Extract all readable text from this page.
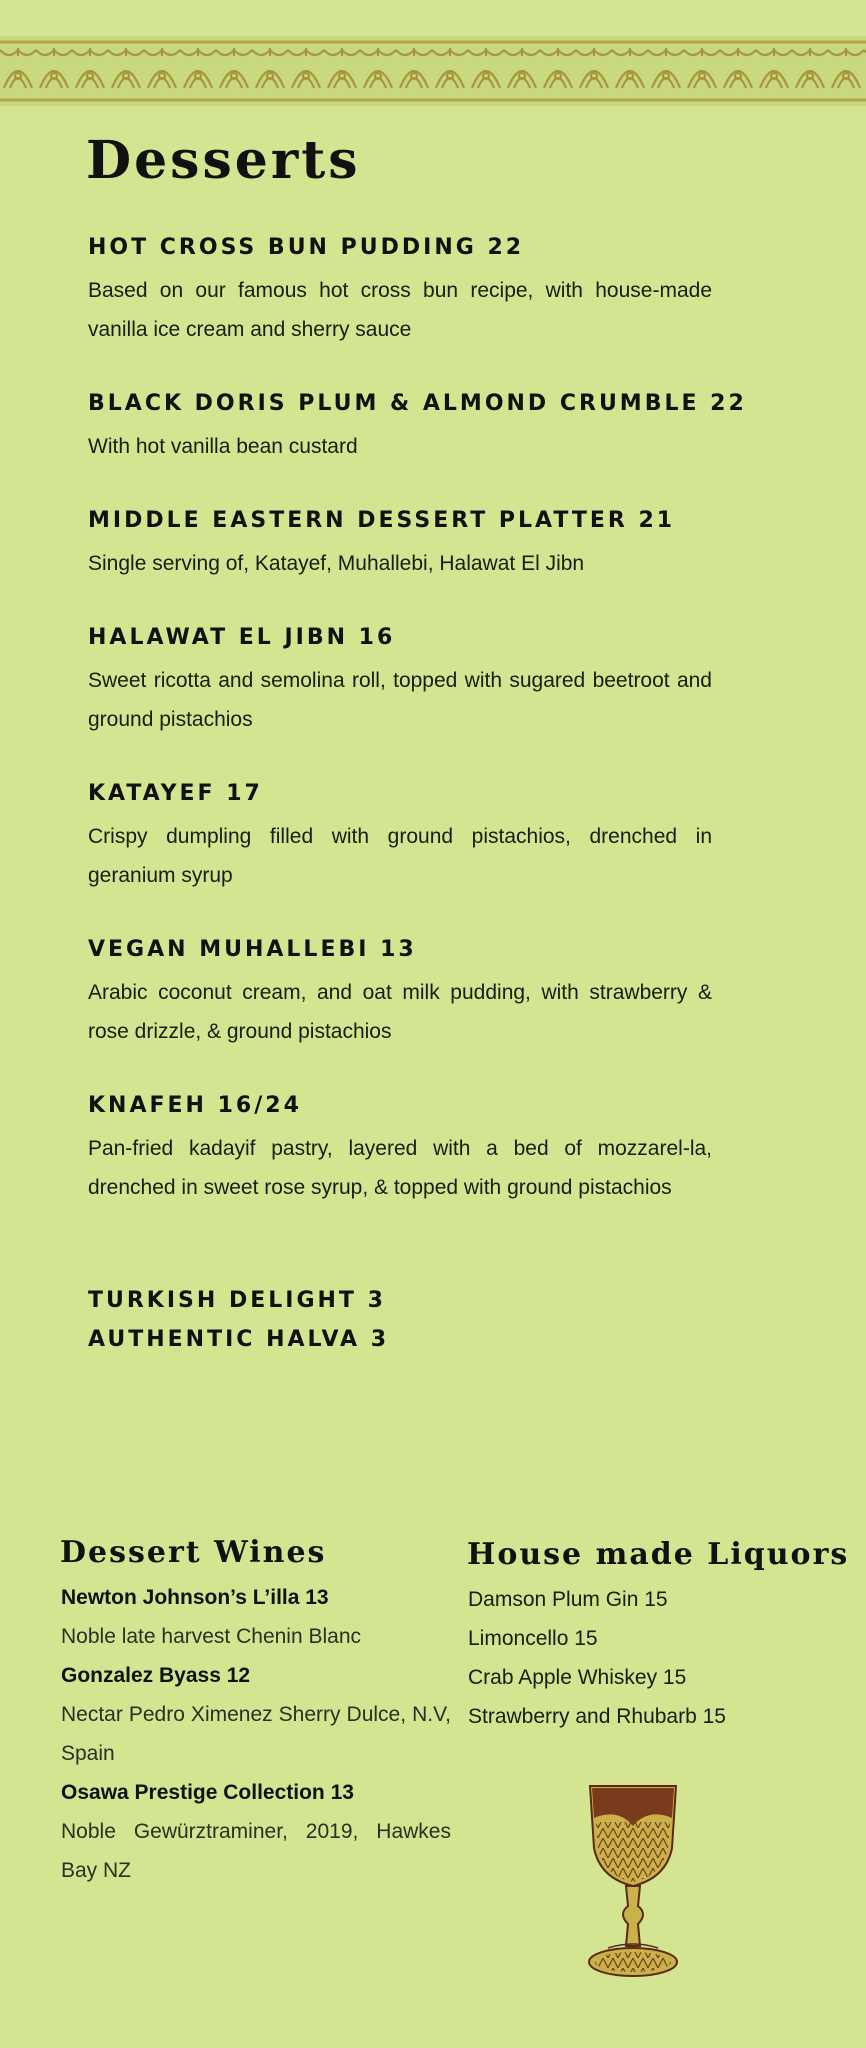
Desserts
HOT CROSS BUN PUDDING 22
Based on our famous hot cross bun recipe, with house-made vanilla ice cream and sherry sauce
BLACK DORIS PLUM & ALMOND CRUMBLE 22
With hot vanilla bean custard
MIDDLE EASTERN DESSERT PLATTER 21
Single serving of, Katayef, Muhallebi, Halawat El Jibn
HALAWAT EL JIBN 16
Sweet ricotta and semolina roll, topped with sugared beetroot and ground pistachios
KATAYEF 17
Crispy dumpling filled with ground pistachios, drenched in geranium syrup
VEGAN MUHALLEBI 13
Arabic coconut cream, and oat milk pudding, with strawberry & rose drizzle, & ground pistachios
KNAFEH 16/24
Pan-fried kadayif pastry, layered with a bed of mozzarel-la, drenched in sweet rose syrup, & topped with ground pistachios
TURKISH DELIGHT 3
AUTHENTIC HALVA 3
Dessert Wines
Newton Johnson’s L’illa 13
Noble late harvest Chenin Blanc
Gonzalez Byass 12
Nectar Pedro Ximenez Sherry Dulce, N.V, Spain
Osawa Prestige Collection 13
Noble Gewürztraminer, 2019, Hawkes Bay NZ
House made Liquors
Damson Plum Gin 15
Limoncello 15
Crab Apple Whiskey 15
Strawberry and Rhubarb 15
